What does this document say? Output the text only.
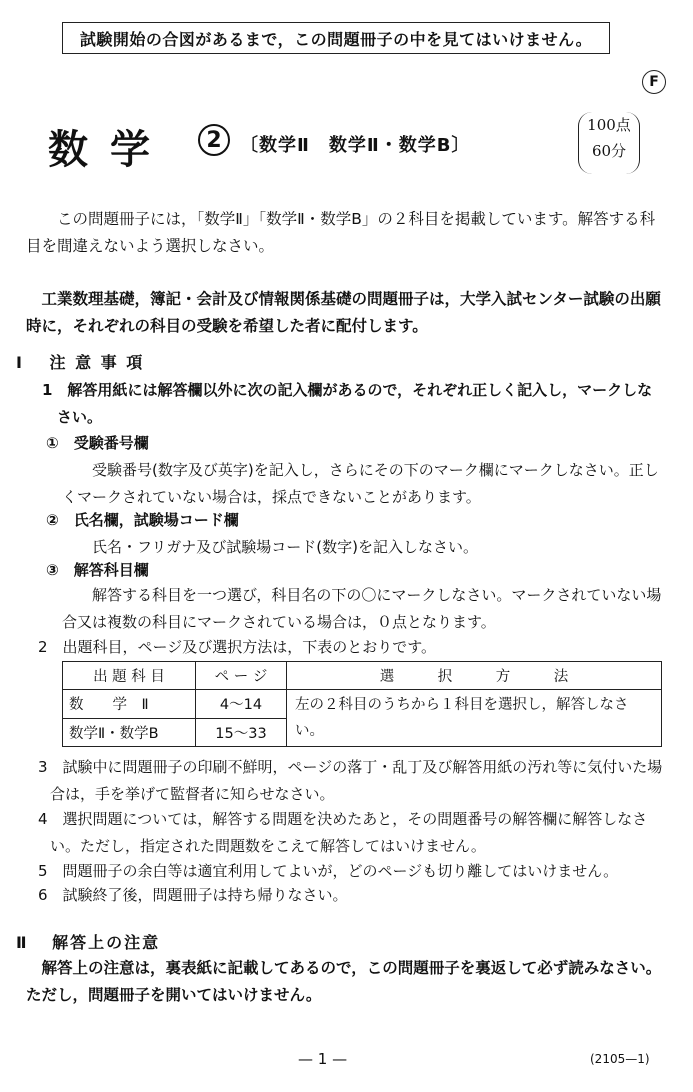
試験開始の合図があるまで，この問題冊子の中を見てはいけません。
F
数学 2 〔数学Ⅱ　数学Ⅱ・数学B〕
100点
60分

この問題冊子には，「数学Ⅱ」「数学Ⅱ・数学B」の２科目を掲載しています。解答する科目を間違えないよう選択しなさい。

工業数理基礎，簿記・会計及び情報関係基礎の問題冊子は，大学入試センター試験の出願時に，それぞれの科目の受験を希望した者に配付します。

Ⅰ 注 意 事 項

1　解答用紙には解答欄以外に次の記入欄があるので，それぞれ正しく記入し，マークしなさい。

①　受験番号欄

受験番号(数字及び英字)を記入し，さらにその下のマーク欄にマークしなさい。正しくマークされていない場合は，採点できないことがあります。

②　氏名欄，試験場コード欄

氏名・フリガナ及び試験場コード(数字)を記入しなさい。

③　解答科目欄

解答する科目を一つ選び，科目名の下の〇にマークしなさい。マークされていない場合又は複数の科目にマークされている場合は，０点となります。

2　出題科目，ページ及び選択方法は，下表のとおりです。

出 題 科 目	ペ ー ジ	選　　　択　　　方　　　法
数　　学　Ⅱ	4〜14	左の２科目のうちから１科目を選択し，解答しなさい。
数学Ⅱ・数学B	15〜33	

3　試験中に問題冊子の印刷不鮮明，ページの落丁・乱丁及び解答用紙の汚れ等に気付いた場合は，手を挙げて監督者に知らせなさい。

4　選択問題については，解答する問題を決めたあと，その問題番号の解答欄に解答しなさい。ただし，指定された問題数をこえて解答してはいけません。

5　問題冊子の余白等は適宜利用してよいが，どのページも切り離してはいけません。

6　試験終了後，問題冊子は持ち帰りなさい。

Ⅱ 解答上の注意

解答上の注意は，裏表紙に記載してあるので，この問題冊子を裏返して必ず読みなさい。ただし，問題冊子を開いてはいけません。

— 1 —	(2105—1)
